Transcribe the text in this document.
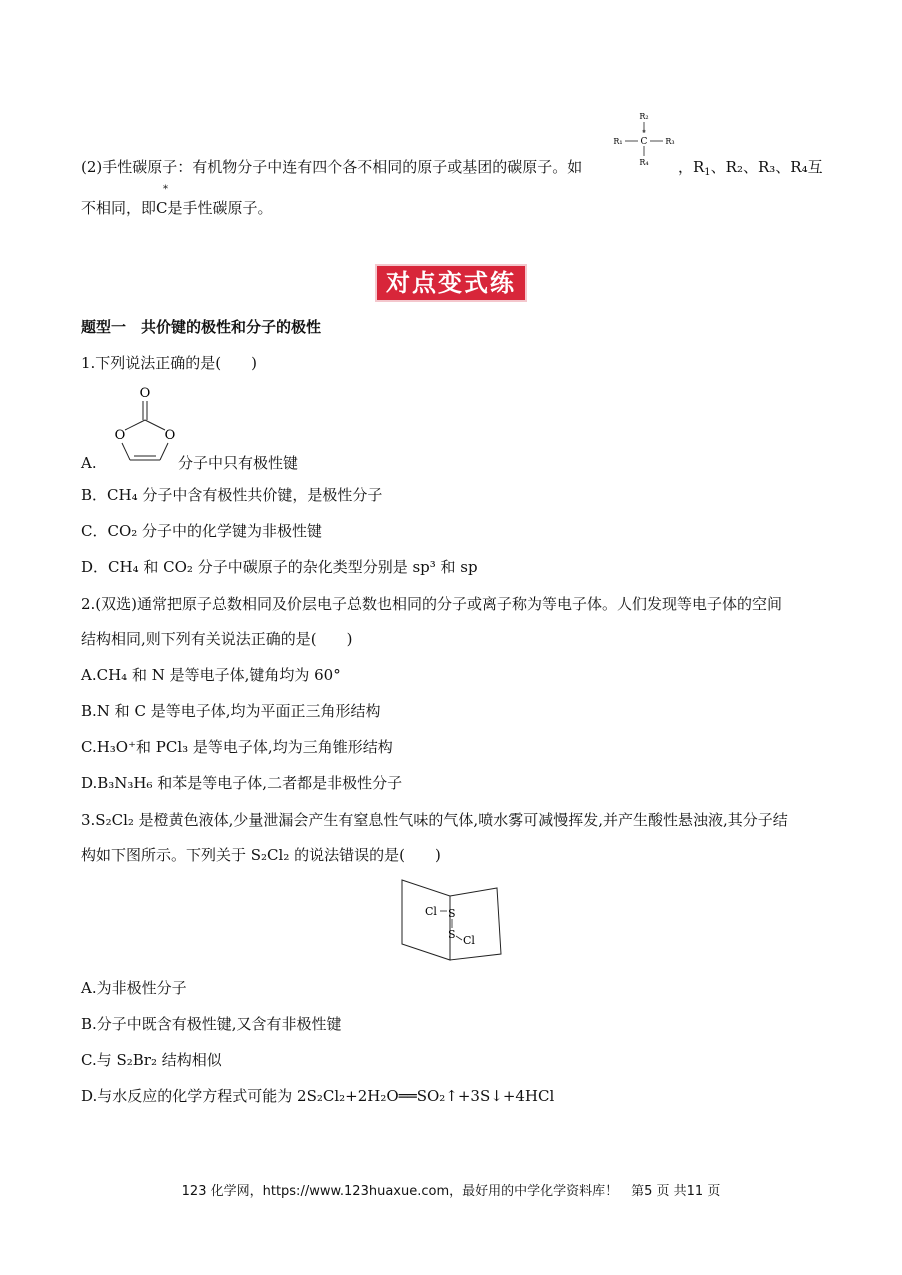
(2)手性碳原子：有机物分子中连有四个各不相同的原子或基团的碳原子。如
R₂
*
R₁ C R₃
R₄ ，$R_1$、R₂、R₃、R₄互
不相同，即C是手性碳原子。
*
对点变式练
题型一　共价键的极性和分子的极性
1.下列说法正确的是(　　)
O
O	O
A.	分子中只有极性键
B．CH₄ 分子中含有极性共价键，是极性分子
C．CO₂ 分子中的化学键为非极性键
D．CH₄ 和 CO₂ 分子中碳原子的杂化类型分别是 sp³ 和 sp
2.(双选)通常把原子总数相同及价层电子总数也相同的分子或离子称为等电子体。人们发现等电子体的空间
结构相同,则下列有关说法正确的是(　　)
A.CH₄ 和 N 是等电子体,键角均为 60°
B.N 和 C 是等电子体,均为平面正三角形结构
C.H₃O⁺和 PCl₃ 是等电子体,均为三角锥形结构
D.B₃N₃H₆ 和苯是等电子体,二者都是非极性分子
3.S₂Cl₂ 是橙黄色液体,少量泄漏会产生有窒息性气味的气体,喷水雾可减慢挥发,并产生酸性悬浊液,其分子结
构如下图所示。下列关于 S₂Cl₂ 的说法错误的是(　　)
Cl S
S Cl
A.为非极性分子
B.分子中既含有极性键,又含有非极性键
C.与 S₂Br₂ 结构相似
D.与水反应的化学方程式可能为 2S₂Cl₂+2H₂O══SO₂↑+3S↓+4HCl
123 化学网，https://www.123huaxue.com，最好用的中学化学资料库！　第5 页 共11 页
